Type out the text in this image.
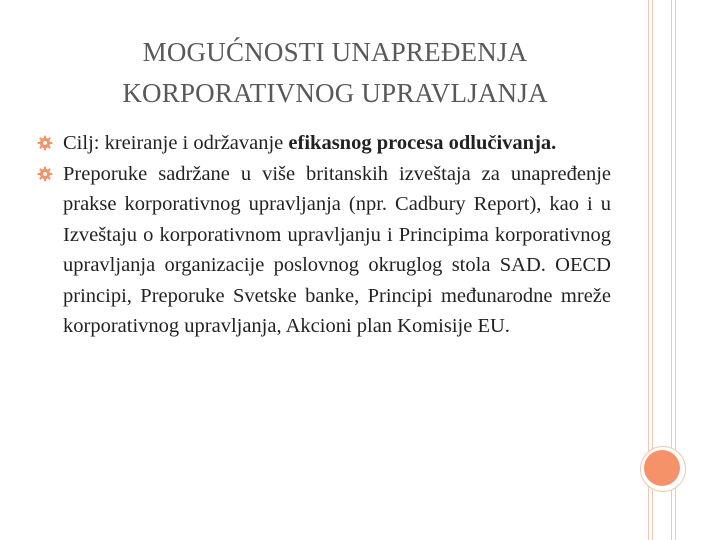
MOGUĆNOSTI UNAPREĐENJA
KORPORATIVNOG UPRAVLJANJA
Cilj: kreiranje i održavanje efikasnog procesa odlučivanja.
Preporuke sadržane u više britanskih izveštaja za unapređenje prakse korporativnog upravljanja (npr. Cadbury Report), kao i u Izveštaju o korporativnom upravljanju i Principima korporativnog upravljanja organizacije poslovnog okruglog stola SAD. OECD principi, Preporuke Svetske banke, Principi međunarodne mreže korporativnog upravljanja, Akcioni plan Komisije EU.
